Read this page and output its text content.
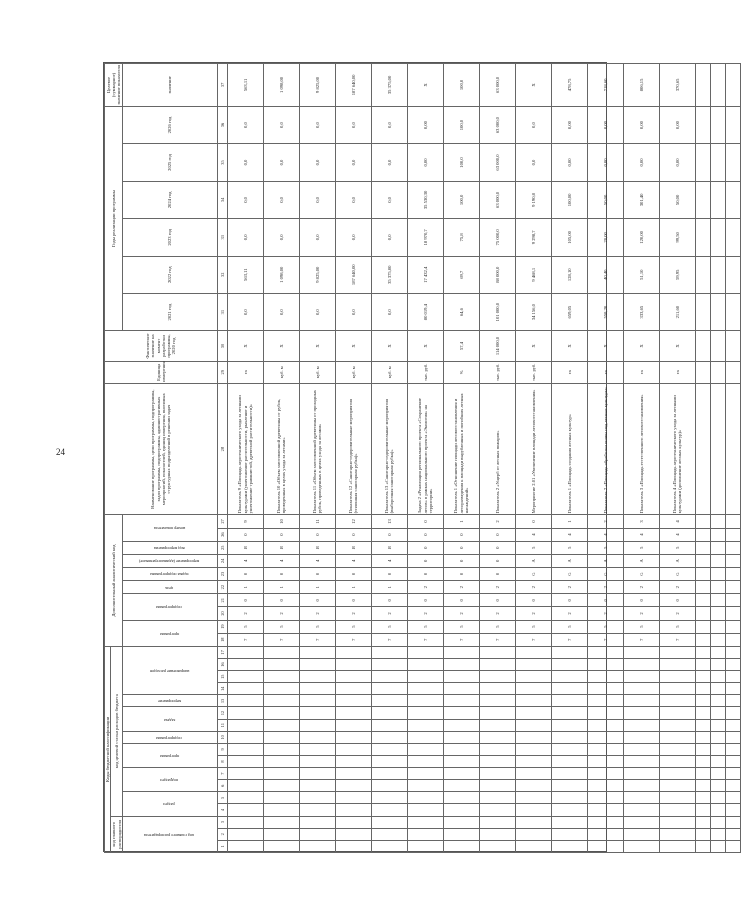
24
Коды бюджетной классификации																	Дополнительный аналитический код										Наименование программы, цели программы, подпрограммы, задач программы, подпрограммы, административных мероприятий, показателей, единиц измерения, вносимых структурных подразделений в решении задач	Единица измерения	Фактическое значение на момент разработки программы, 2020 год	Годы реализации программы						Целевое (суммарное) значение показателя
код главного распорядителя			код целевой статьи расходов бюджета																																	
код главного распорядителя			раздел		подраздел		программа		подпрограмма	задача		мероприятие	направление расходов				программа		подпрограмма		цель	задача подпрограммы	мероприятие (административное)	вид мероприятия	номер показателя					2021 год	2022 год	2023 год	2024 год	2025 год	2026 год	значение
1	2	3	4	5	6	7	8	9	10	11	12	13	14	15	16	17	18	19	20	21	22	23	24	25	26	27	28	29	30	31	32	33	34	35	36	37
																	7	5	2	0	1	0	4	Я	0	9	Показатель 9 «Площадь агротехнического ухода за лесными культурами (уничтожение растительности, рыхление и уничтожение травянистой, древесной растительности)»	га	Х	0,0	563,11	0,0	0,0	0,0	0,0	563,11
																	7	5	2	0	1	0	4	Я	0	10	Показатель 10 «Объем заготовленной древесины от рубок, проведенных в целях ухода за лесами»	куб. м	Х	0,0	1 098,00	0,0	0,0	0,0	0,0	1 098,00
																	7	5	2	0	1	0	4	Я	0	11	Показатель 11 «Объем заготовленной древесины от проходных рубок, проведенных в целях ухода за лесами»	куб. м	Х	0,0	9 825,00	0,0	0,0	0,0	0,0	9 825,00
																	7	5	2	0	1	0	4	Я	0	12	Показатель 12 «Санитарно-оздоровительные мероприятия (сплошная санитарная рубка)»	куб. м	Х	0,0	187 640,00	0,0	0,0	0,0	0,0	187 640,00
																	7	5	2	0	1	0	4	Я	0	13	Показатель 13 «Санитарно-оздоровительные мероприятия (выборочная санитарная рубка)»	куб. м	Х	0,0	35 375,00	0,0	0,0	0,0	0,0	35 375,00
																	7	5	2	0	2	0	0	0	0	0	Задача 2 «Реализация регионального проекта «Сохранение лесов» в рамках национального проекта «Экология» на территории»	тыс. руб.	Х	80 019,4	17 432,4	18 970,7	35 530,30	0,00	0,00	Х
																	7	5	2	0	2	0	0	0	0	1	Показатель 1 «Отношение площади лесовосстановления и лесоразведения к площади вырубленных и погибших лесных насаждений»	%	57,4	64,6	69,7	75,8	100,0	100,0	100,0	100,0
																	7	5	2	0	2	0	0	0	0	2	Показатель 2 «Ущерб от лесных пожаров»	тыс. руб.	114 000,0	101 000,0	88 000,0	75 000,0	63 000,0	63 000,0	63 000,0	63 000,0
																	7	5	2	0	2	G	А	5	4	0	Мероприятие 2.01 «Увеличение площади лесовосстановления»	тыс. руб.	Х	34 156,0	9 468,1	9 298,7	9 190,8	0,0	0,0	Х
																	7	5	2	0	2	G	А	5	4	1	Показатель 1 «Площадь создания лесных культур»	га	Х	659,05	128,10	105,00	100,00	0,00	0,00	478,75
																	7	5	2	0	2	G	А	5	4	2	Показатель 2 «Площадь обработки почвы под лесные культуры»	га	Х	558,20	40,40	70,00	50,00	0,00	0,00	718,60
																	7	5	2	0	2	G	А	5	4	3	Показатель 3 «Площадь естественного лесовосстановления»	га	Х	333,65	51,10	120,00	301,40	0,00	0,00	806,15
																	7	5	2	0	2	G	А	5	4	4	Показатель 4 «Площадь агротехнического ухода за лесными культурами (дополнение лесных культур)»	га	Х	211,60	59,95	99,50	50,00	0,00	0,00	370,65
